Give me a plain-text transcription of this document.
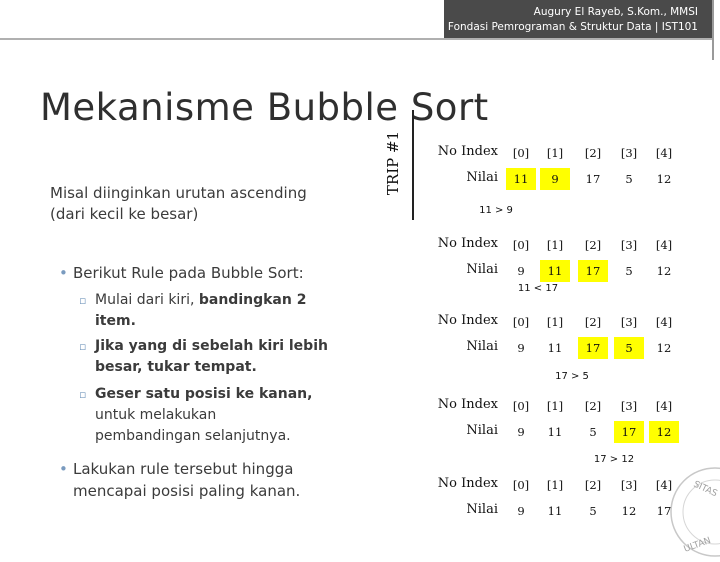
Augury El Rayeb, S.Kom., MMSI
Fondasi Pemrograman & Struktur Data | IST101
Mekanisme Bubble Sort
TRIP #1
Misal diinginkan urutan ascending
(dari kecil ke besar)
• Berikut Rule pada Bubble Sort:
▫ Mulai dari kiri, bandingkan 2
item.
▫ Jika yang di sebelah kiri lebih
besar, tukar tempat.
▫ Geser satu posisi ke kanan,
untuk melakukan
pembandingan selanjutnya.
• Lakukan rule tersebut hingga
mencapai posisi paling kanan.
No Index	[0]	[1]	[2]	[3]	[4]
Nilai	11	9	17	5	12
11 > 9
No Index	[0]	[1]	[2]	[3]	[4]
Nilai	9	11	17	5	12
11 < 17
No Index	[0]	[1]	[2]	[3]	[4]
Nilai	9	11	17	5	12
17 > 5
No Index	[0]	[1]	[2]	[3]	[4]
Nilai	9	11	5	17	12
17 > 12
No Index	[0]	[1]	[2]	[3]	[4]
Nilai	9	11	5	12	17
SITAS
ULTAN
